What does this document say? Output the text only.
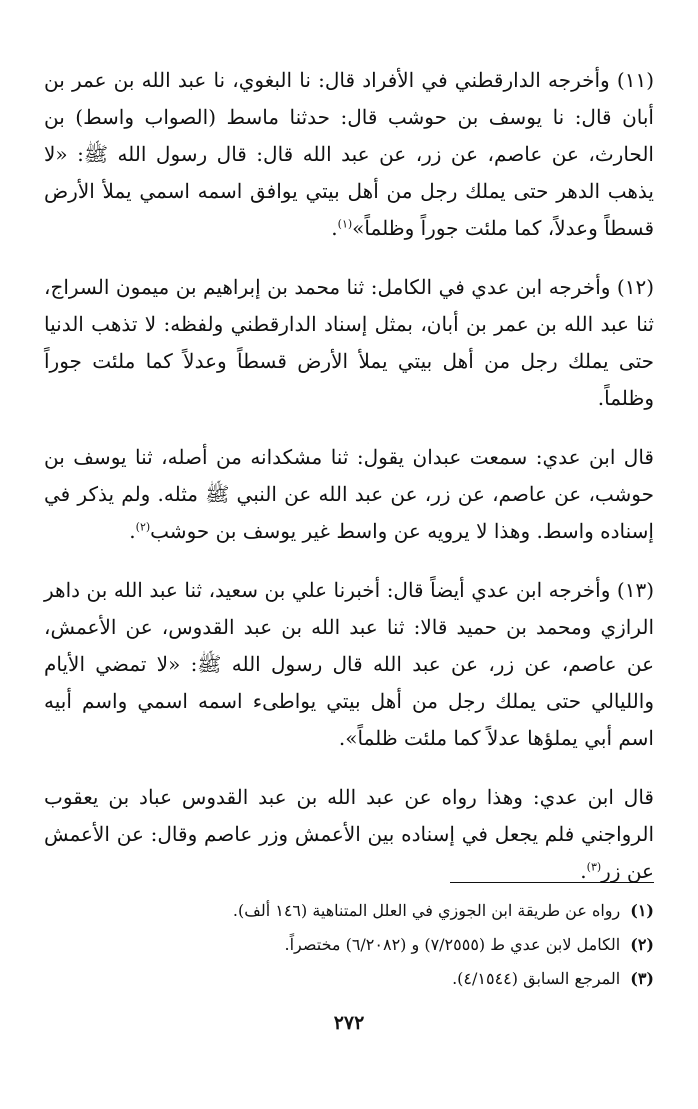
(١١) وأخرجه الدارقطني في الأفراد قال: نا البغوي، نا عبد الله بن عمر بن أبان قال: نا يوسف بن حوشب قال: حدثنا ماسط (الصواب واسط) بن الحارث، عن عاصم، عن زر، عن عبد الله قال: قال رسول الله ﷺ: «لا يذهب الدهر حتى يملك رجل من أهل بيتي يوافق اسمه اسمي يملأ الأرض قسطاً وعدلاً، كما ملئت جوراً وظلماً»$^{(١)}$.

(١٢) وأخرجه ابن عدي في الكامل: ثنا محمد بن إبراهيم بن ميمون السراج، ثنا عبد الله بن عمر بن أبان، بمثل إسناد الدارقطني ولفظه: لا تذهب الدنيا حتى يملك رجل من أهل بيتي يملأ الأرض قسطاً وعدلاً كما ملئت جوراً وظلماً.

قال ابن عدي: سمعت عبدان يقول: ثنا مشكدانه من أصله، ثنا يوسف بن حوشب، عن عاصم، عن زر، عن عبد الله عن النبي ﷺ مثله. ولم يذكر في إسناده واسط. وهذا لا يرويه عن واسط غير يوسف بن حوشب$^{(٢)}$.

(١٣) وأخرجه ابن عدي أيضاً قال: أخبرنا علي بن سعيد، ثنا عبد الله بن داهر الرازي ومحمد بن حميد قالا: ثنا عبد الله بن عبد القدوس، عن الأعمش، عن عاصم، عن زر، عن عبد الله قال رسول الله ﷺ: «لا تمضي الأيام والليالي حتى يملك رجل من أهل بيتي يواطىء اسمه اسمي واسم أبيه اسم أبي يملؤها عدلاً كما ملئت ظلماً».

قال ابن عدي: وهذا رواه عن عبد الله بن عبد القدوس عباد بن يعقوب الرواجني فلم يجعل في إسناده بين الأعمش وزر عاصم وقال: عن الأعمش عن زر$^{(٣)}$.

(١)رواه عن طريقة ابن الجوزي في العلل المتناهية (١٤٦ ألف).

(٢)الكامل لابن عدي ط (٧/٢٥٥٥) و (٦/٢٠٨٢) مختصراً.

(٣)المرجع السابق (٤/١٥٤٤).

٢٧٢
